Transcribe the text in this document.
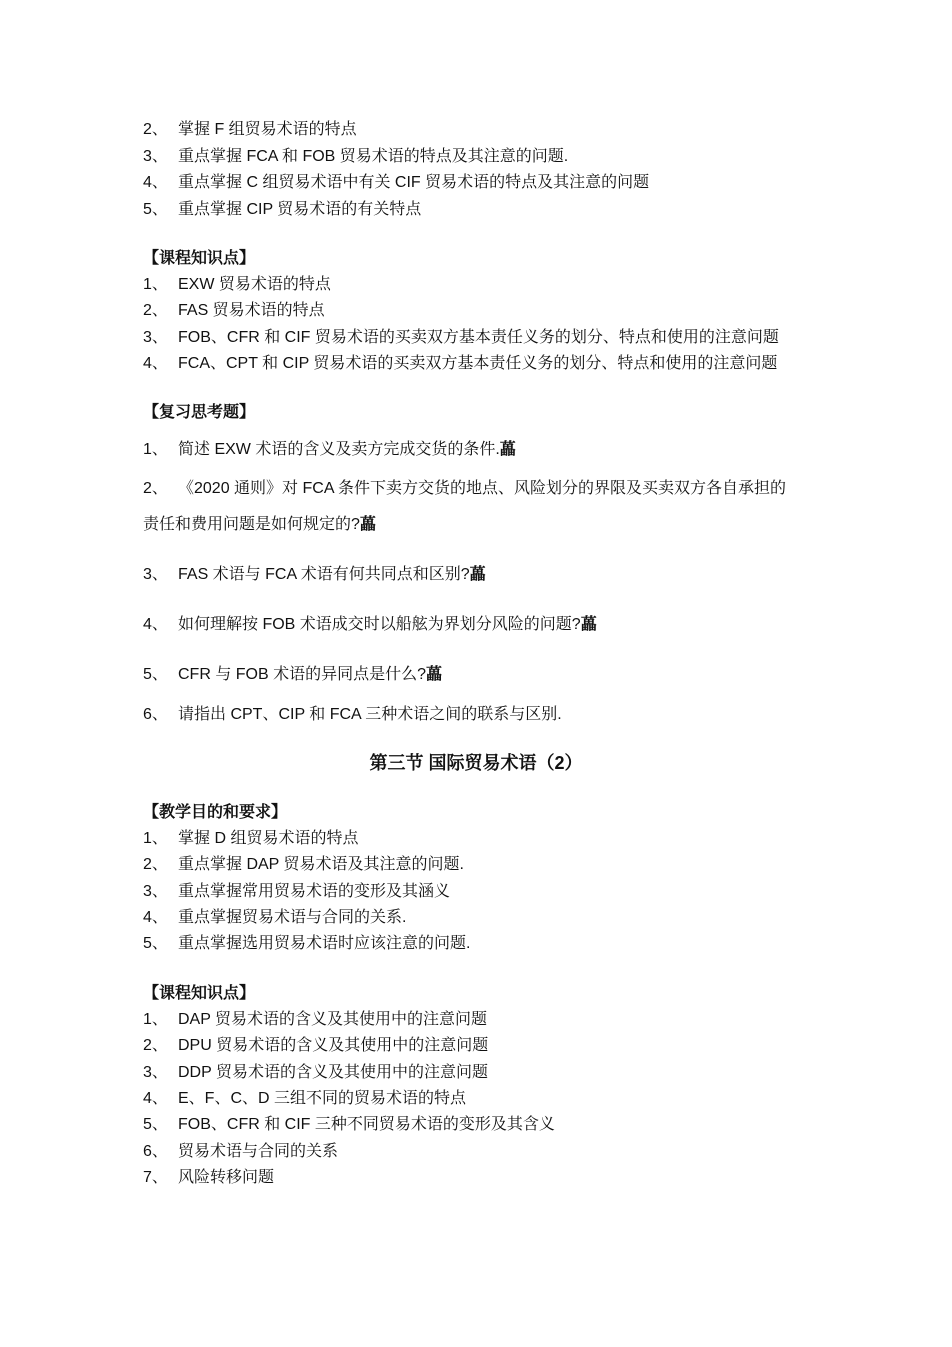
2、 掌握 F 组贸易术语的特点
3、 重点掌握 FCA 和 FOB 贸易术语的特点及其注意的问题.
4、 重点掌握 C 组贸易术语中有关 CIF 贸易术语的特点及其注意的问题
5、 重点掌握 CIP 贸易术语的有关特点
【课程知识点】
1、 EXW 贸易术语的特点
2、 FAS 贸易术语的特点
3、 FOB、CFR 和 CIF 贸易术语的买卖双方基本责任义务的划分、特点和使用的注意问题
4、 FCA、CPT 和 CIP 贸易术语的买卖双方基本责任义务的划分、特点和使用的注意问题
【复习思考题】
1、 简述 EXW 术语的含义及卖方完成交货的条件.藟
2、 《2020 通则》对 FCA 条件下卖方交货的地点、风险划分的界限及买卖双方各自承担的
责任和费用问题是如何规定的?藟
3、 FAS 术语与 FCA 术语有何共同点和区别?藟
4、 如何理解按 FOB 术语成交时以船舷为界划分风险的问题?藟
5、 CFR 与 FOB 术语的异同点是什么?藟
6、 请指出 CPT、CIP 和 FCA 三种术语之间的联系与区别.
第三节 国际贸易术语（2）
【教学目的和要求】
1、 掌握 D 组贸易术语的特点
2、 重点掌握 DAP 贸易术语及其注意的问题.
3、 重点掌握常用贸易术语的变形及其涵义
4、 重点掌握贸易术语与合同的关系.
5、 重点掌握选用贸易术语时应该注意的问题.
【课程知识点】
1、 DAP 贸易术语的含义及其使用中的注意问题
2、 DPU 贸易术语的含义及其使用中的注意问题
3、 DDP 贸易术语的含义及其使用中的注意问题
4、 E、F、C、D 三组不同的贸易术语的特点
5、 FOB、CFR 和 CIF 三种不同贸易术语的变形及其含义
6、 贸易术语与合同的关系
7、 风险转移问题
